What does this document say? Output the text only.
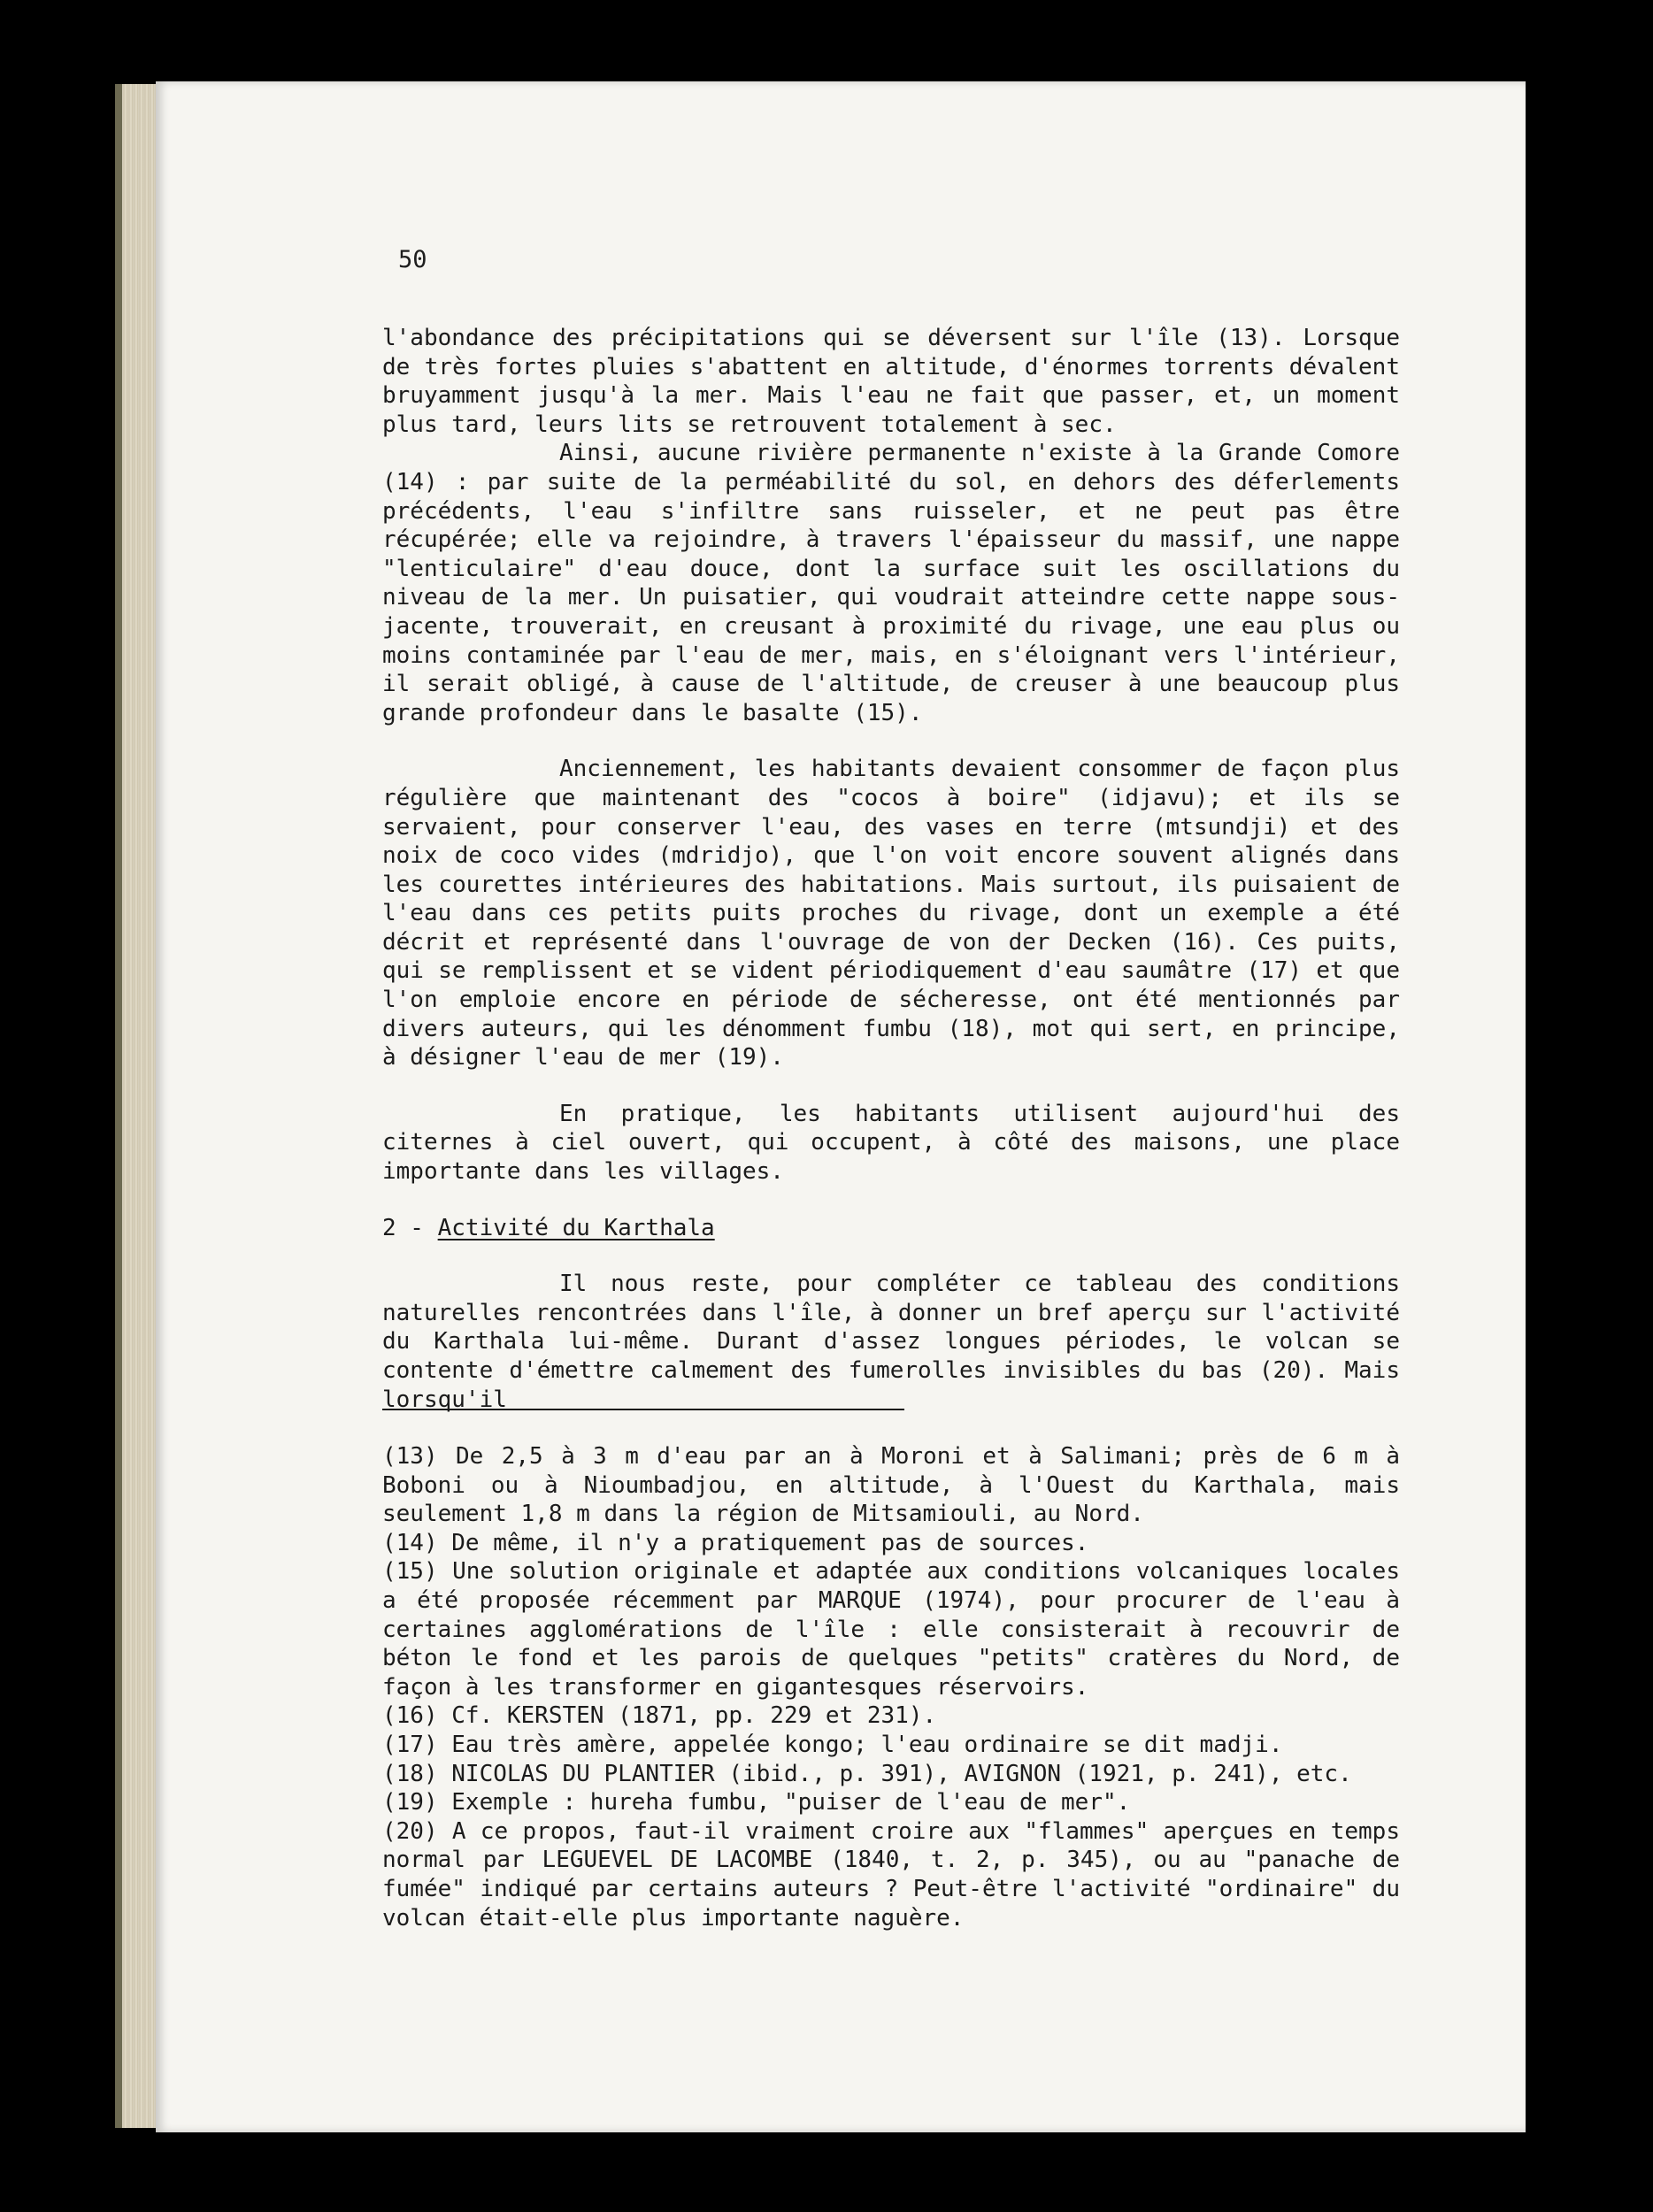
50

l'abondance des précipitations qui se déversent sur l'île (13). Lorsque de très fortes pluies s'abattent en altitude, d'énormes torrents dévalent bruyamment jusqu'à la mer. Mais l'eau ne fait que passer, et, un moment plus tard, leurs lits se retrouvent totalement à sec.

Ainsi, aucune rivière permanente n'existe à la Grande Comore (14) : par suite de la perméabilité du sol, en dehors des déferlements précédents, l'eau s'infiltre sans ruisseler, et ne peut pas être récupérée; elle va rejoindre, à travers l'épaisseur du massif, une nappe "lenticulaire" d'eau douce, dont la surface suit les oscillations du niveau de la mer. Un puisatier, qui voudrait atteindre cette nappe sous-jacente, trouverait, en creusant à proximité du rivage, une eau plus ou moins contaminée par l'eau de mer, mais, en s'éloignant vers l'intérieur, il serait obligé, à cause de l'altitude, de creuser à une beaucoup plus grande profondeur dans le basalte (15).

Anciennement, les habitants devaient consommer de façon plus régulière que maintenant des "cocos à boire" (idjavu); et ils se servaient, pour conserver l'eau, des vases en terre (mtsundji) et des noix de coco vides (mdridjo), que l'on voit encore souvent alignés dans les courettes intérieures des habitations. Mais surtout, ils puisaient de l'eau dans ces petits puits proches du rivage, dont un exemple a été décrit et représenté dans l'ouvrage de von der Decken (16). Ces puits, qui se remplissent et se vident périodiquement d'eau saumâtre (17) et que l'on emploie encore en période de sécheresse, ont été mentionnés par divers auteurs, qui les dénomment fumbu (18), mot qui sert, en principe, à désigner l'eau de mer (19).

En pratique, les habitants utilisent aujourd'hui des citernes à ciel ouvert, qui occupent, à côté des maisons, une place importante dans les villages.

2 - Activité du Karthala

Il nous reste, pour compléter ce tableau des conditions naturelles rencontrées dans l'île, à donner un bref aperçu sur l'activité du Karthala lui-même. Durant d'assez longues périodes, le volcan se contente d'émettre calmement des fumerolles invisibles du bas (20). Mais lorsqu'il

(13) De 2,5 à 3 m d'eau par an à Moroni et à Salimani; près de 6 m à Boboni ou à Nioumbadjou, en altitude, à l'Ouest du Karthala, mais seulement 1,8 m dans la région de Mitsamiouli, au Nord.

(14) De même, il n'y a pratiquement pas de sources.

(15) Une solution originale et adaptée aux conditions volcaniques locales a été proposée récemment par MARQUE (1974), pour procurer de l'eau à certaines agglomérations de l'île : elle consisterait à recouvrir de béton le fond et les parois de quelques "petits" cratères du Nord, de façon à les transformer en gigantesques réservoirs.

(16) Cf. KERSTEN (1871, pp. 229 et 231).

(17) Eau très amère, appelée kongo; l'eau ordinaire se dit madji.

(18) NICOLAS DU PLANTIER (ibid., p. 391), AVIGNON (1921, p. 241), etc.

(19) Exemple : hureha fumbu, "puiser de l'eau de mer".

(20) A ce propos, faut-il vraiment croire aux "flammes" aperçues en temps normal par LEGUEVEL DE LACOMBE (1840, t. 2, p. 345), ou au "panache de fumée" indiqué par certains auteurs ? Peut-être l'activité "ordinaire" du volcan était-elle plus importante naguère.
